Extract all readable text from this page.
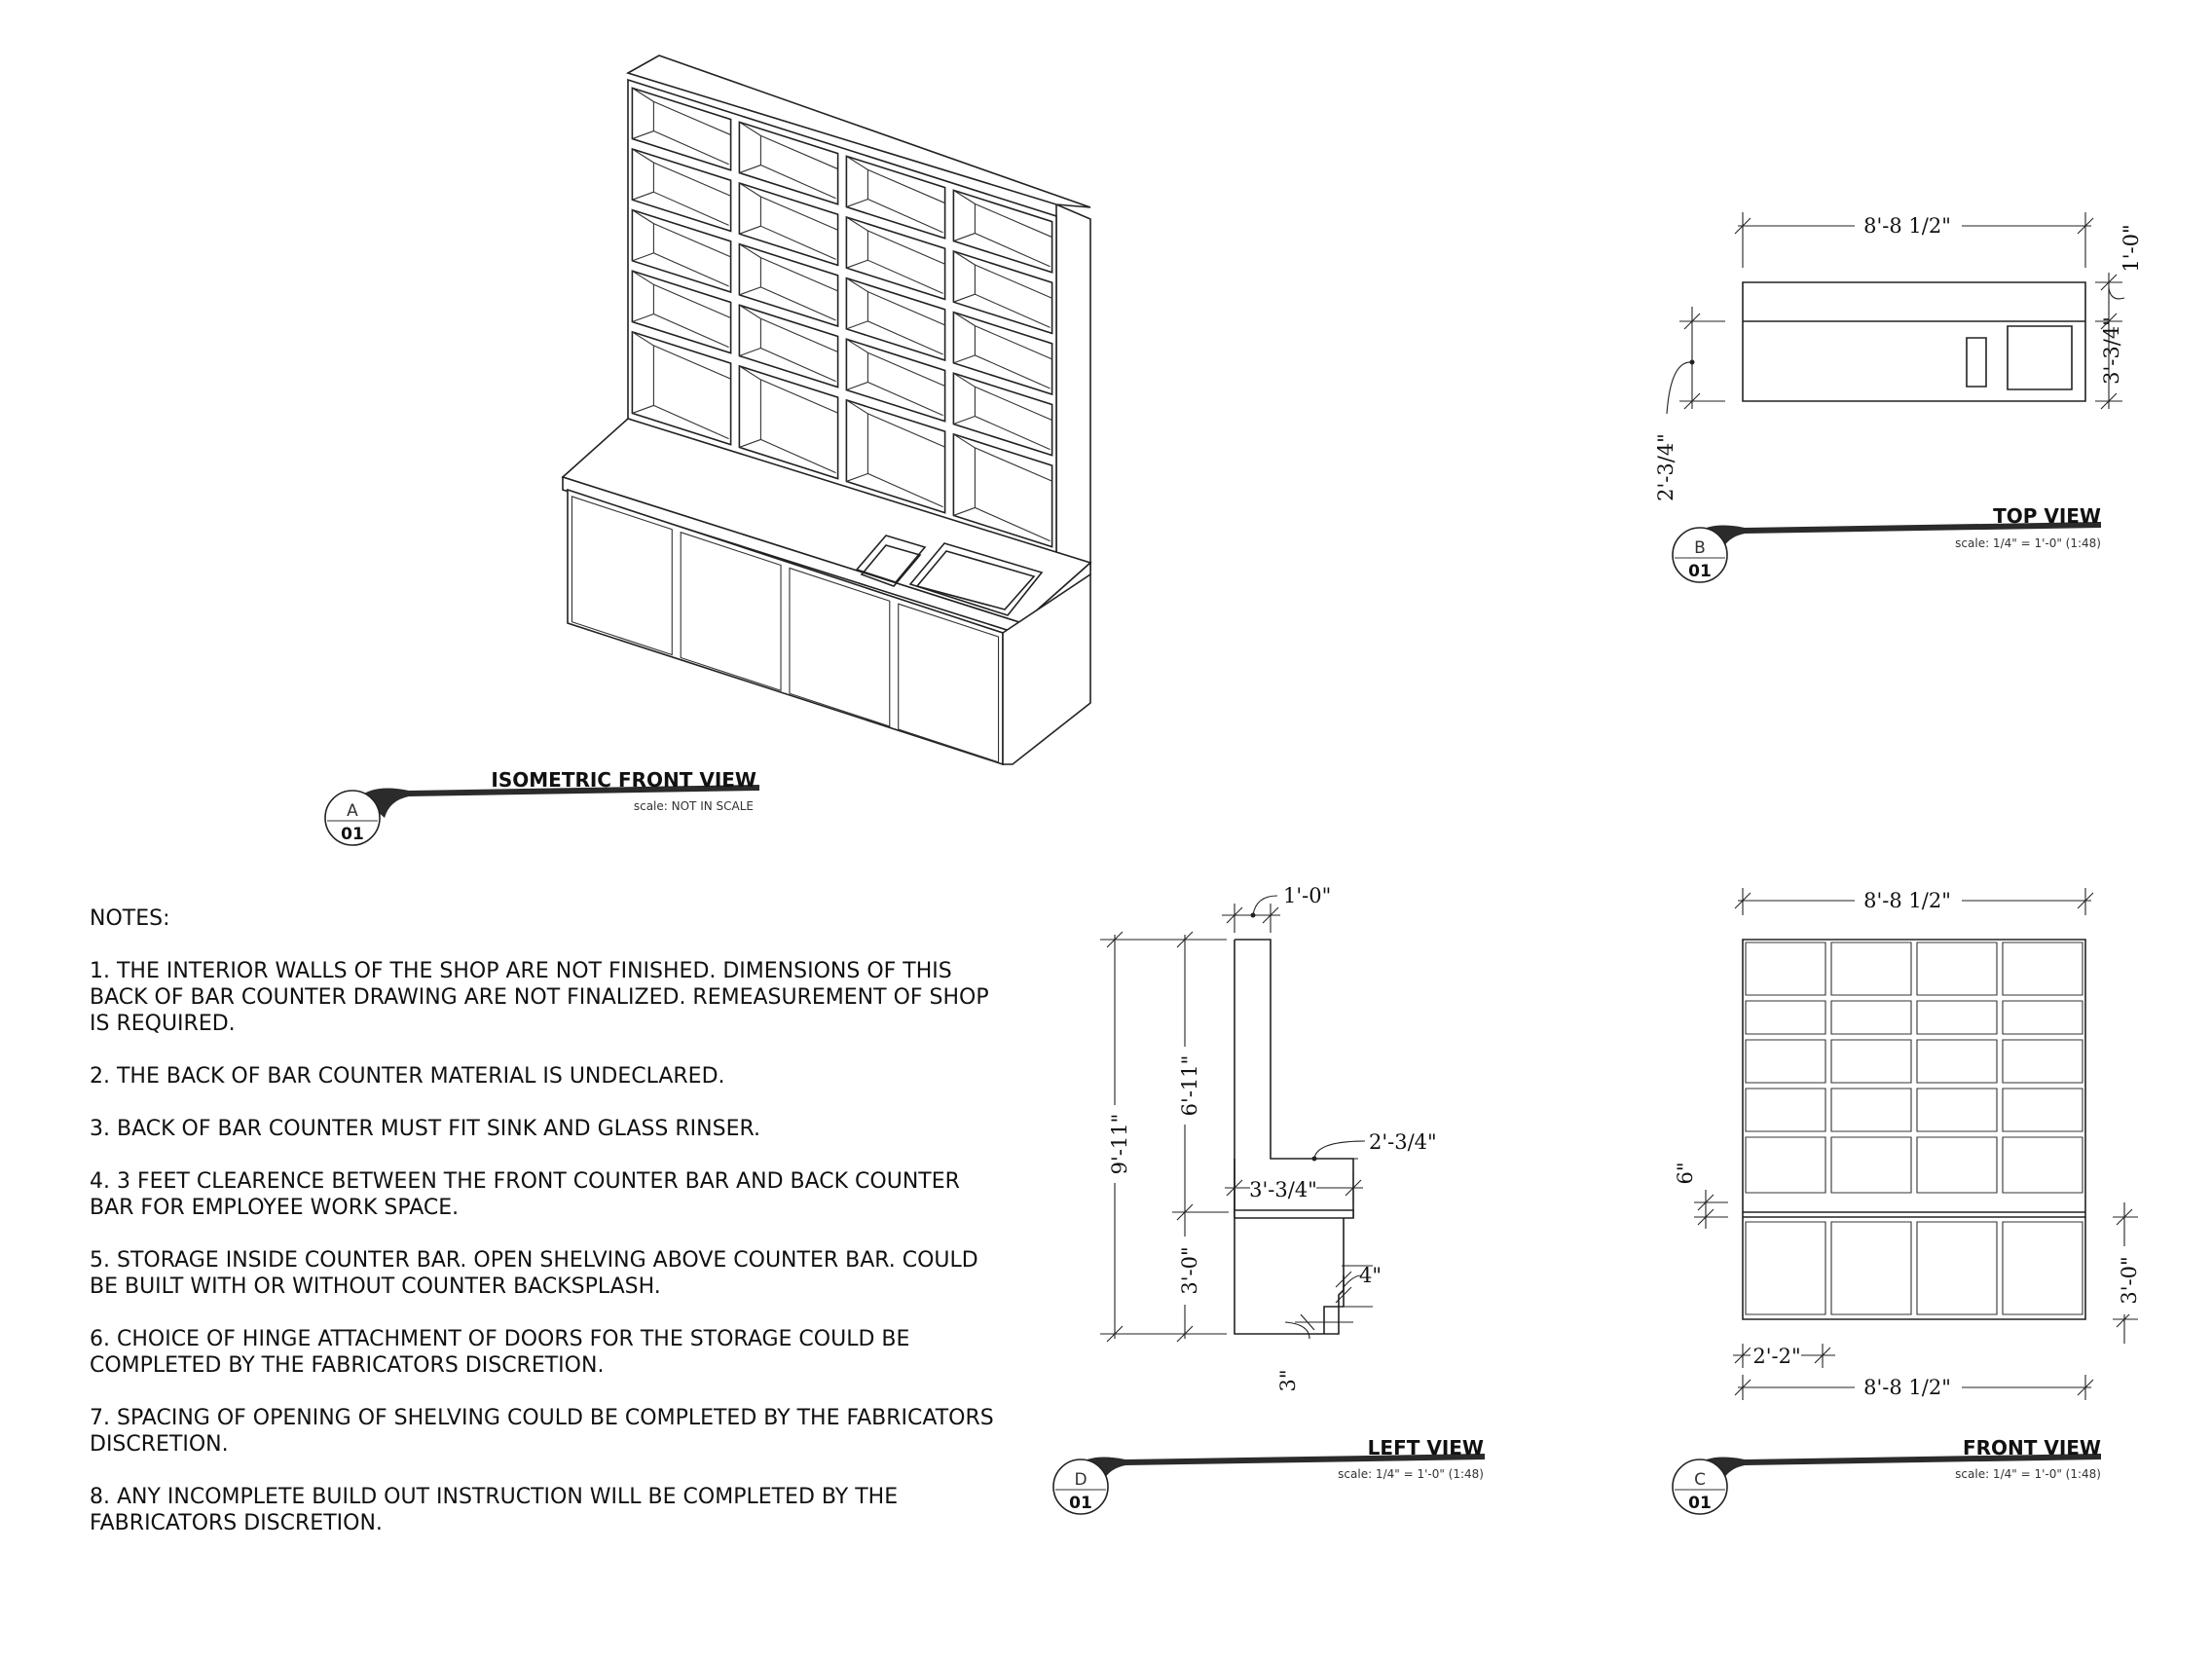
A
01
ISOMETRIC FRONT VIEW
scale: NOT IN SCALE
8'-8 1/2"	1'-0"
3'-3/4"
2'-3/4"
B
01
TOP VIEW
scale: 1/4" = 1'-0" (1:48)
9'-11"
6'-11"
3'-0"
1'-0"
2'-3/4"
3'-3/4"
4"
3"
D
01
LEFT VIEW
scale: 1/4" = 1'-0" (1:48)
8'-8 1/2"
6"
3'-0"
2'-2"
8'-8 1/2"
C
01
FRONT VIEW
scale: 1/4" = 1'-0" (1:48)
NOTES:
1. THE INTERIOR WALLS OF THE SHOP ARE NOT FINISHED. DIMENSIONS OF THIS BACK OF BAR COUNTER DRAWING ARE NOT FINALIZED. REMEASUREMENT OF SHOP IS REQUIRED.
2. THE BACK OF BAR COUNTER MATERIAL IS UNDECLARED.
3. BACK OF BAR COUNTER MUST FIT SINK AND GLASS RINSER.
4. 3 FEET CLEARENCE BETWEEN THE FRONT COUNTER BAR AND BACK COUNTER BAR FOR EMPLOYEE WORK SPACE.
5. STORAGE INSIDE COUNTER BAR. OPEN SHELVING ABOVE COUNTER BAR. COULD BE BUILT WITH OR WITHOUT COUNTER BACKSPLASH.
6. CHOICE OF HINGE ATTACHMENT OF DOORS FOR THE STORAGE COULD BE COMPLETED BY THE FABRICATORS DISCRETION.
7. SPACING OF OPENING OF SHELVING COULD BE COMPLETED BY THE FABRICATORS DISCRETION.
8. ANY INCOMPLETE BUILD OUT INSTRUCTION WILL BE COMPLETED BY THE FABRICATORS DISCRETION.
